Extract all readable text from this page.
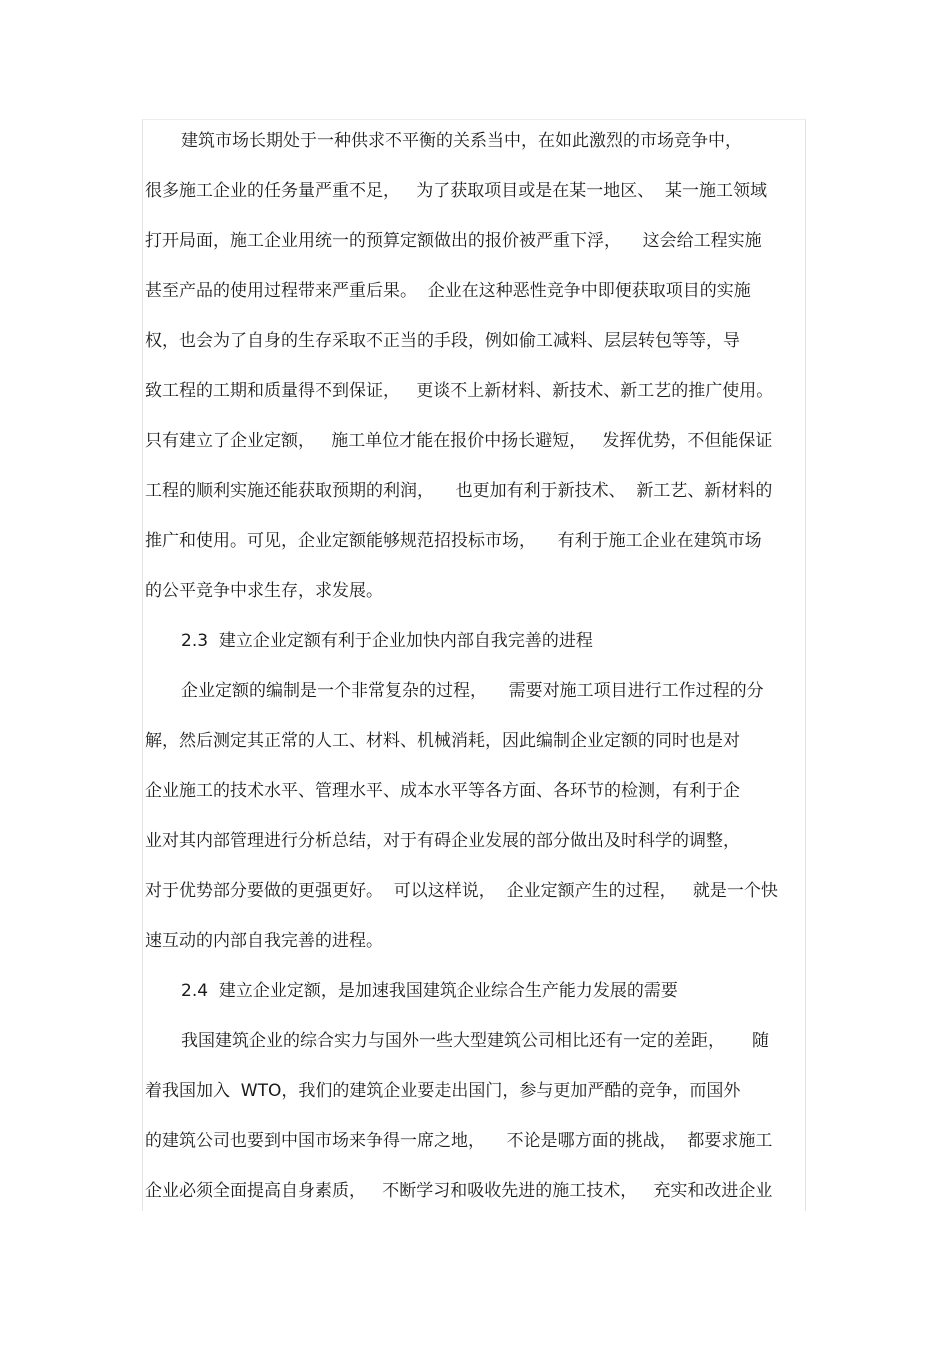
建筑市场长期处于一种供求不平衡的关系当中，在如此激烈的市场竞争中，
很多施工企业的任务量严重不足，   为了获取项目或是在某一地区、  某一施工领域
打开局面，施工企业用统一的预算定额做出的报价被严重下浮，    这会给工程实施
甚至产品的使用过程带来严重后果。  企业在这种恶性竞争中即便获取项目的实施
权，也会为了自身的生存采取不正当的手段，例如偷工减料、层层转包等等，导
致工程的工期和质量得不到保证，   更谈不上新材料、新技术、新工艺的推广使用。
只有建立了企业定额，   施工单位才能在报价中扬长避短，   发挥优势，不但能保证
工程的顺利实施还能获取预期的利润，    也更加有利于新技术、  新工艺、新材料的
推广和使用。可见，企业定额能够规范招投标市场，    有利于施工企业在建筑市场
的公平竞争中求生存，求发展。
2.3  建立企业定额有利于企业加快内部自我完善的进程
企业定额的编制是一个非常复杂的过程，    需要对施工项目进行工作过程的分
解，然后测定其正常的人工、材料、机械消耗，因此编制企业定额的同时也是对
企业施工的技术水平、管理水平、成本水平等各方面、各环节的检测，有利于企
业对其内部管理进行分析总结，对于有碍企业发展的部分做出及时科学的调整，
对于优势部分要做的更强更好。  可以这样说，  企业定额产生的过程，   就是一个快
速互动的内部自我完善的进程。
2.4  建立企业定额，是加速我国建筑企业综合生产能力发展的需要
我国建筑企业的综合实力与国外一些大型建筑公司相比还有一定的差距，     随
着我国加入  WTO，我们的建筑企业要走出国门，参与更加严酷的竞争，而国外
的建筑公司也要到中国市场来争得一席之地，    不论是哪方面的挑战，  都要求施工
企业必须全面提高自身素质，   不断学习和吸收先进的施工技术，   充实和改进企业
